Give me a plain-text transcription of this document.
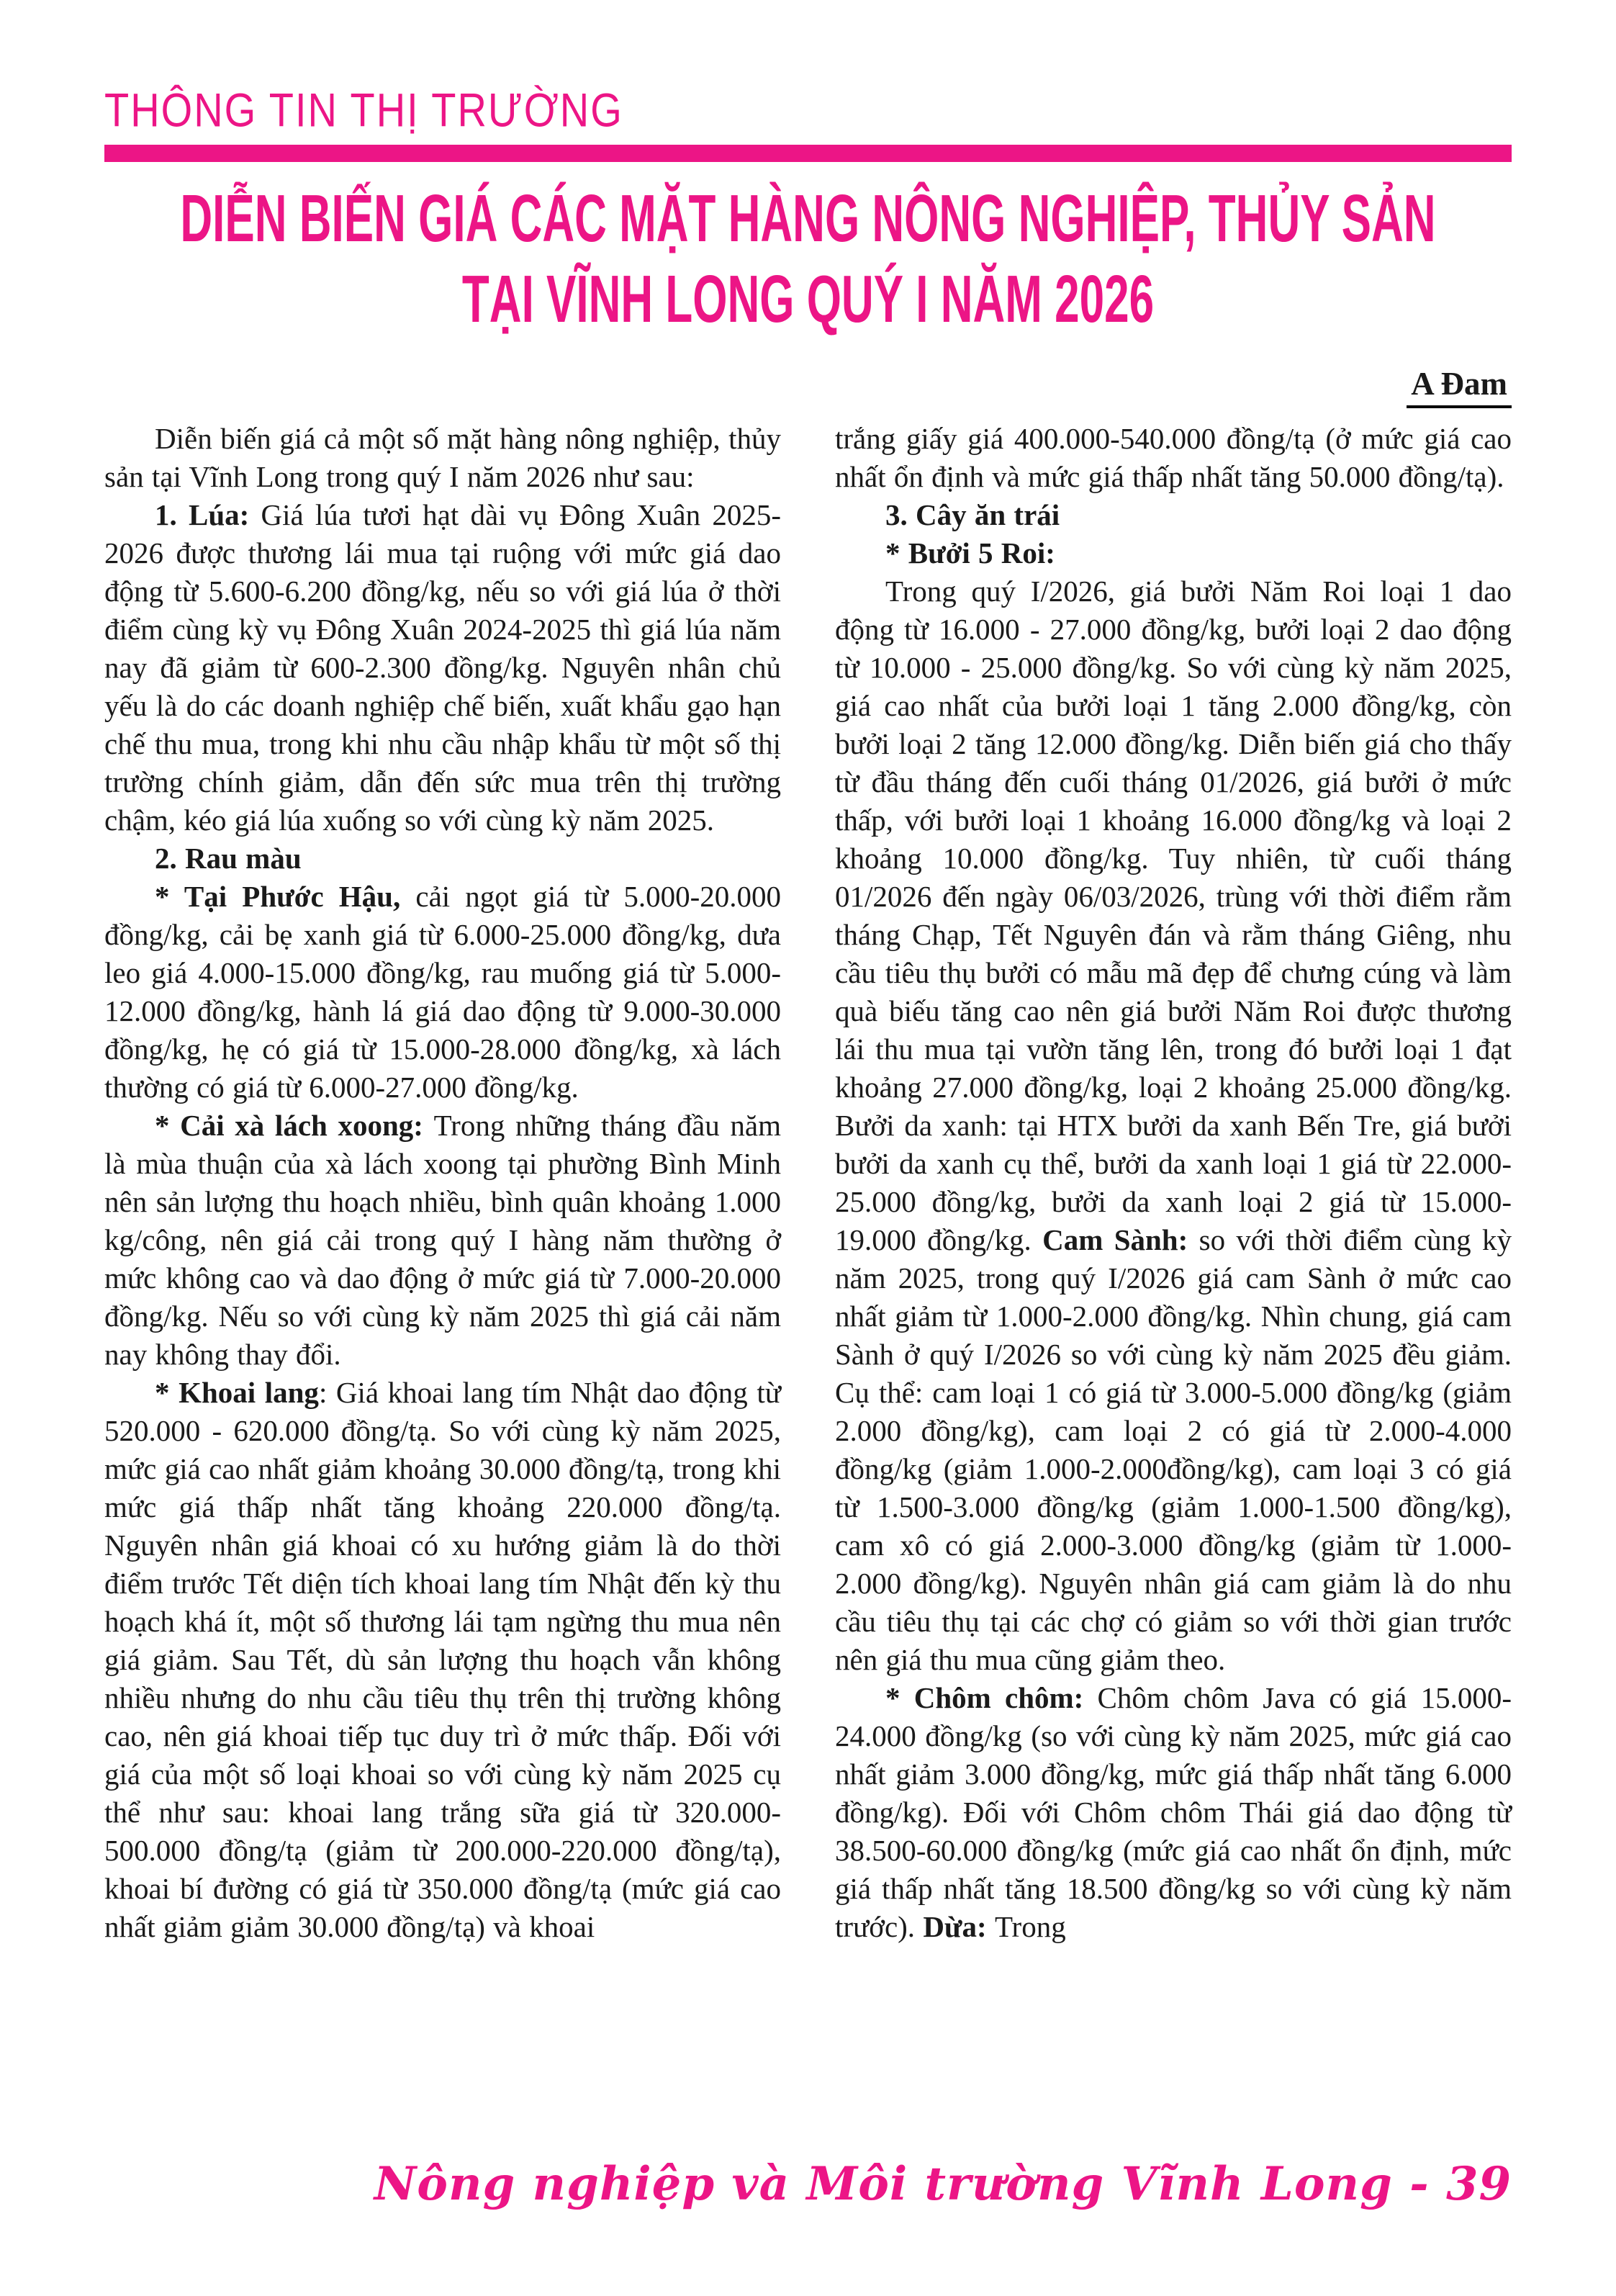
THÔNG TIN THỊ TRƯỜNG
DIỄN BIẾN GIÁ CÁC MẶT HÀNG NÔNG NGHIỆP, THỦY SẢN
TẠI VĨNH LONG QUÝ I NĂM 2026
A Đam

Diễn biến giá cả một số mặt hàng nông nghiệp, thủy sản tại Vĩnh Long trong quý I năm 2026 như sau:

1. Lúa: Giá lúa tươi hạt dài vụ Đông Xuân 2025-2026 được thương lái mua tại ruộng với mức giá dao động từ 5.600-6.200 đồng/kg, nếu so với giá lúa ở thời điểm cùng kỳ vụ Đông Xuân 2024-2025 thì giá lúa năm nay đã giảm từ 600-2.300 đồng/kg. Nguyên nhân chủ yếu là do các doanh nghiệp chế biến, xuất khẩu gạo hạn chế thu mua, trong khi nhu cầu nhập khẩu từ một số thị trường chính giảm, dẫn đến sức mua trên thị trường chậm, kéo giá lúa xuống so với cùng kỳ năm 2025.

2. Rau màu

* Tại Phước Hậu, cải ngọt giá từ 5.000-20.000 đồng/kg, cải bẹ xanh giá từ 6.000-25.000 đồng/kg, dưa leo giá 4.000-15.000 đồng/kg, rau muống giá từ 5.000-12.000 đồng/kg, hành lá giá dao động từ 9.000-30.000 đồng/kg, hẹ có giá từ 15.000-28.000 đồng/kg, xà lách thường có giá từ 6.000-27.000 đồng/kg.

* Cải xà lách xoong: Trong những tháng đầu năm là mùa thuận của xà lách xoong tại phường Bình Minh nên sản lượng thu hoạch nhiều, bình quân khoảng 1.000 kg/công, nên giá cải trong quý I hàng năm thường ở mức không cao và dao động ở mức giá từ 7.000-20.000 đồng/kg. Nếu so với cùng kỳ năm 2025 thì giá cải năm nay không thay đổi.

* Khoai lang: Giá khoai lang tím Nhật dao động từ 520.000 - 620.000 đồng/tạ. So với cùng kỳ năm 2025, mức giá cao nhất giảm khoảng 30.000 đồng/tạ, trong khi mức giá thấp nhất tăng khoảng 220.000 đồng/tạ. Nguyên nhân giá khoai có xu hướng giảm là do thời điểm trước Tết diện tích khoai lang tím Nhật đến kỳ thu hoạch khá ít, một số thương lái tạm ngừng thu mua nên giá giảm. Sau Tết, dù sản lượng thu hoạch vẫn không nhiều nhưng do nhu cầu tiêu thụ trên thị trường không cao, nên giá khoai tiếp tục duy trì ở mức thấp. Đối với giá của một số loại khoai so với cùng kỳ năm 2025 cụ thể như sau: khoai lang trắng sữa giá từ 320.000-500.000 đồng/tạ (giảm từ 200.000-220.000 đồng/tạ), khoai bí đường có giá từ 350.000 đồng/tạ (mức giá cao nhất giảm giảm 30.000 đồng/tạ) và khoai

trắng giấy giá 400.000-540.000 đồng/tạ (ở mức giá cao nhất ổn định và mức giá thấp nhất tăng 50.000 đồng/tạ).

3. Cây ăn trái

* Bưởi 5 Roi:

Trong quý I/2026, giá bưởi Năm Roi loại 1 dao động từ 16.000 - 27.000 đồng/kg, bưởi loại 2 dao động từ 10.000 - 25.000 đồng/kg. So với cùng kỳ năm 2025, giá cao nhất của bưởi loại 1 tăng 2.000 đồng/kg, còn bưởi loại 2 tăng 12.000 đồng/kg. Diễn biến giá cho thấy từ đầu tháng đến cuối tháng 01/2026, giá bưởi ở mức thấp, với bưởi loại 1 khoảng 16.000 đồng/kg và loại 2 khoảng 10.000 đồng/kg. Tuy nhiên, từ cuối tháng 01/2026 đến ngày 06/03/2026, trùng với thời điểm rằm tháng Chạp, Tết Nguyên đán và rằm tháng Giêng, nhu cầu tiêu thụ bưởi có mẫu mã đẹp để chưng cúng và làm quà biếu tăng cao nên giá bưởi Năm Roi được thương lái thu mua tại vườn tăng lên, trong đó bưởi loại 1 đạt khoảng 27.000 đồng/kg, loại 2 khoảng 25.000 đồng/kg. Bưởi da xanh: tại HTX bưởi da xanh Bến Tre, giá bưởi bưởi da xanh cụ thể, bưởi da xanh loại 1 giá từ 22.000-25.000 đồng/kg, bưởi da xanh loại 2 giá từ 15.000-19.000 đồng/kg. Cam Sành: so với thời điểm cùng kỳ năm 2025, trong quý I/2026 giá cam Sành ở mức cao nhất giảm từ 1.000-2.000 đồng/kg. Nhìn chung, giá cam Sành ở quý I/2026 so với cùng kỳ năm 2025 đều giảm. Cụ thể: cam loại 1 có giá từ 3.000-5.000 đồng/kg (giảm 2.000 đồng/kg), cam loại 2 có giá từ 2.000-4.000 đồng/kg (giảm 1.000-2.000đồng/kg), cam loại 3 có giá từ 1.500-3.000 đồng/kg (giảm 1.000-1.500 đồng/kg), cam xô có giá 2.000-3.000 đồng/kg (giảm từ 1.000-2.000 đồng/kg). Nguyên nhân giá cam giảm là do nhu cầu tiêu thụ tại các chợ có giảm so với thời gian trước nên giá thu mua cũng giảm theo.

* Chôm chôm: Chôm chôm Java có giá 15.000-24.000 đồng/kg (so với cùng kỳ năm 2025, mức giá cao nhất giảm 3.000 đồng/kg, mức giá thấp nhất tăng 6.000 đồng/kg). Đối với Chôm chôm Thái giá dao động từ 38.500-60.000 đồng/kg (mức giá cao nhất ổn định, mức giá thấp nhất tăng 18.500 đồng/kg so với cùng kỳ năm trước). Dừa: Trong

Nông nghiệp và Môi trường Vĩnh Long - 39
